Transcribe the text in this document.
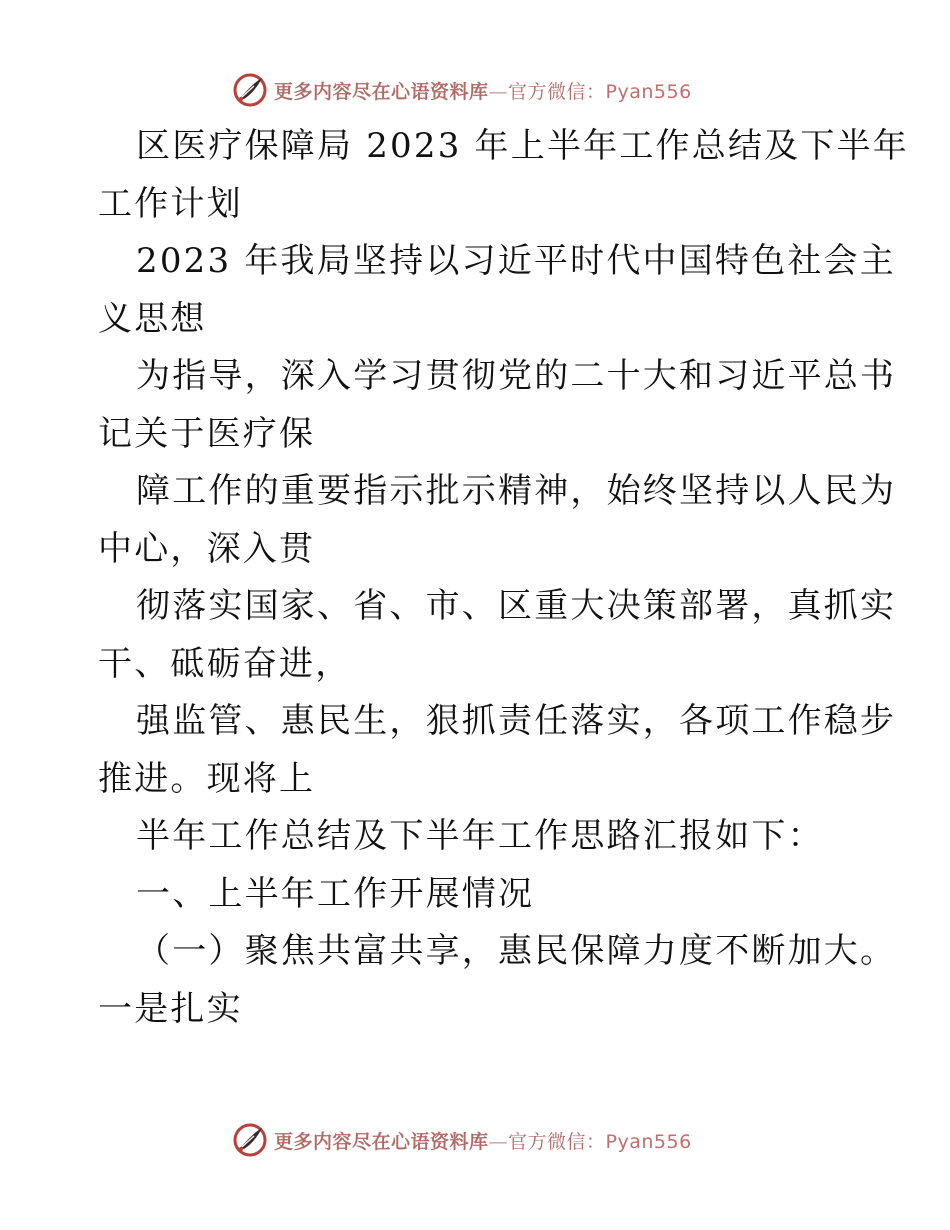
更多内容尽在心语资料库—官方微信：Pyan556
区医疗保障局 2023 年上半年工作总结及下半年
工作计划
2023 年我局坚持以习近平时代中国特色社会主
义思想
为指导，深入学习贯彻党的二十大和习近平总书
记关于医疗保
障工作的重要指示批示精神，始终坚持以人民为
中心，深入贯
彻落实国家、省、市、区重大决策部署，真抓实
干、砥砺奋进，
强监管、惠民生，狠抓责任落实，各项工作稳步
推进。现将上
半年工作总结及下半年工作思路汇报如下：
一、上半年工作开展情况
（一）聚焦共富共享，惠民保障力度不断加大。
一是扎实
更多内容尽在心语资料库—官方微信：Pyan556
